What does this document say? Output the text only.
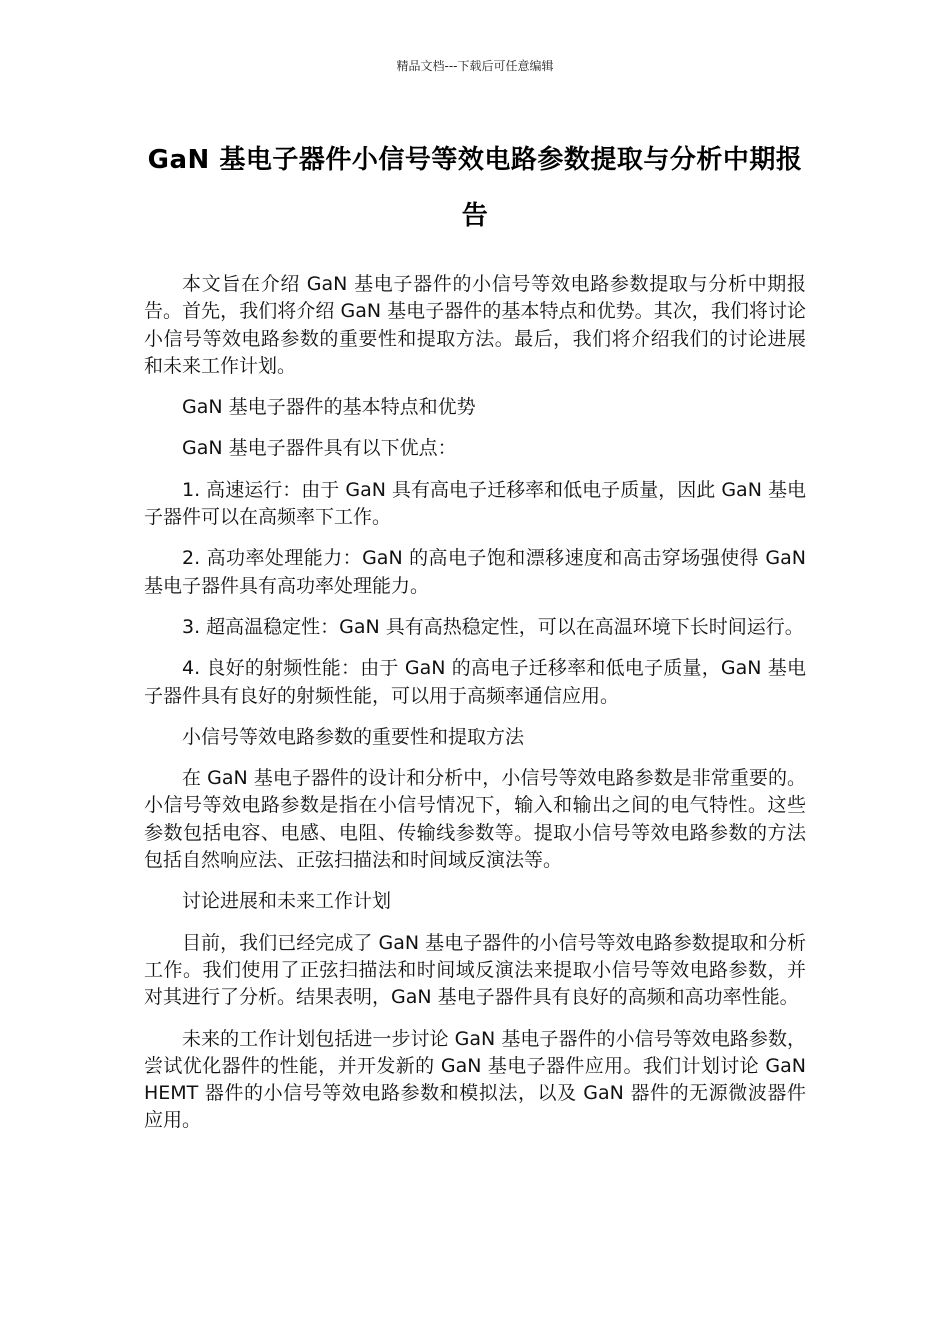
精品文档---下载后可任意编辑
GaN 基电子器件小信号等效电路参数提取与分析中期报告

本文旨在介绍 GaN 基电子器件的小信号等效电路参数提取与分析中期报告。首先，我们将介绍 GaN 基电子器件的基本特点和优势。其次，我们将讨论小信号等效电路参数的重要性和提取方法。最后，我们将介绍我们的讨论进展和未来工作计划。

GaN 基电子器件的基本特点和优势

GaN 基电子器件具有以下优点：

1. 高速运行：由于 GaN 具有高电子迁移率和低电子质量，因此 GaN 基电子器件可以在高频率下工作。

2. 高功率处理能力：GaN 的高电子饱和漂移速度和高击穿场强使得 GaN 基电子器件具有高功率处理能力。

3. 超高温稳定性：GaN 具有高热稳定性，可以在高温环境下长时间运行。

4. 良好的射频性能：由于 GaN 的高电子迁移率和低电子质量，GaN 基电子器件具有良好的射频性能，可以用于高频率通信应用。

小信号等效电路参数的重要性和提取方法

在 GaN 基电子器件的设计和分析中，小信号等效电路参数是非常重要的。小信号等效电路参数是指在小信号情况下，输入和输出之间的电气特性。这些参数包括电容、电感、电阻、传输线参数等。提取小信号等效电路参数的方法包括自然响应法、正弦扫描法和时间域反演法等。

讨论进展和未来工作计划

目前，我们已经完成了 GaN 基电子器件的小信号等效电路参数提取和分析工作。我们使用了正弦扫描法和时间域反演法来提取小信号等效电路参数，并对其进行了分析。结果表明，GaN 基电子器件具有良好的高频和高功率性能。

未来的工作计划包括进一步讨论 GaN 基电子器件的小信号等效电路参数，尝试优化器件的性能，并开发新的 GaN 基电子器件应用。我们计划讨论 GaN HEMT 器件的小信号等效电路参数和模拟法，以及 GaN 器件的无源微波器件应用。
